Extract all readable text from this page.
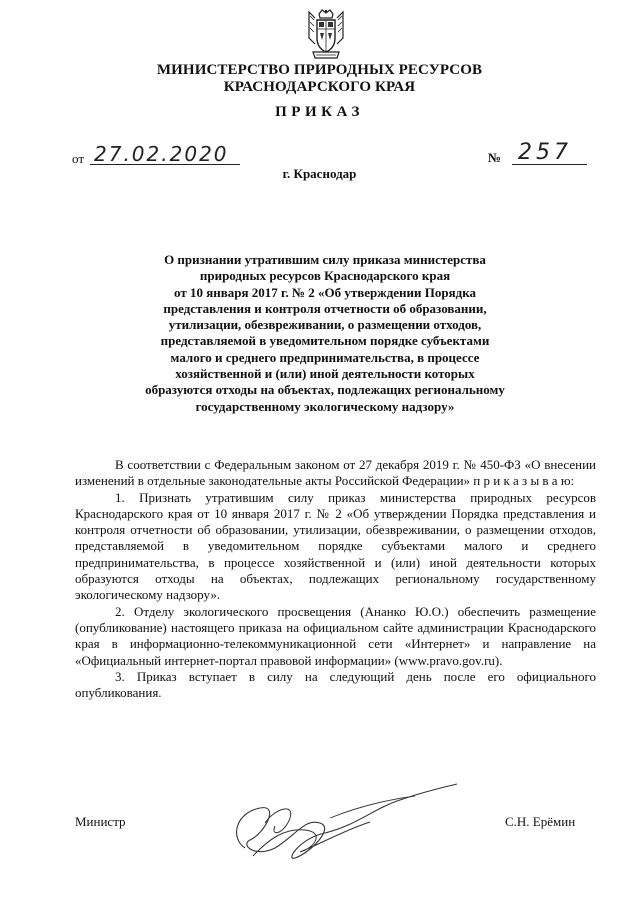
МИНИСТЕРСТВО ПРИРОДНЫХ РЕСУРСОВ
КРАСНОДАРСКОГО КРАЯ
ПРИКАЗ
от 27.02.2020	№ 257
г. Краснодар
О признании утратившим силу приказа министерства
природных ресурсов Краснодарского края
от 10 января 2017 г. № 2 «Об утверждении Порядка
представления и контроля отчетности об образовании,
утилизации, обезвреживании, о размещении отходов,
представляемой в уведомительном порядке субъектами
малого и среднего предпринимательства, в процессе
хозяйственной и (или) иной деятельности которых
образуются отходы на объектах, подлежащих региональному
государственному экологическому надзору»

В соответствии с Федеральным законом от 27 декабря 2019 г. № 450-ФЗ «О внесении изменений в отдельные законодательные акты Российской Федерации» п р и к а з ы в а ю:

1. Признать утратившим силу приказ министерства природных ресурсов Краснодарского края от 10 января 2017 г. № 2 «Об утверждении Порядка представления и контроля отчетности об образовании, утилизации, обезвреживании, о размещении отходов, представляемой в уведомительном порядке субъектами малого и среднего предпринимательства, в процессе хозяйственной и (или) иной деятельности которых образуются отходы на объектах, подлежащих региональному государственному экологическому надзору».

2. Отделу экологического просвещения (Ананко Ю.О.) обеспечить размещение (опубликование) настоящего приказа на официальном сайте администрации Краснодарского края в информационно-телекоммуникационной сети «Интернет» и направление на «Официальный интернет-портал правовой информации» (www.pravo.gov.ru).

3. Приказ вступает в силу на следующий день после его официального опубликования.

Министр	С.Н. Ерёмин
